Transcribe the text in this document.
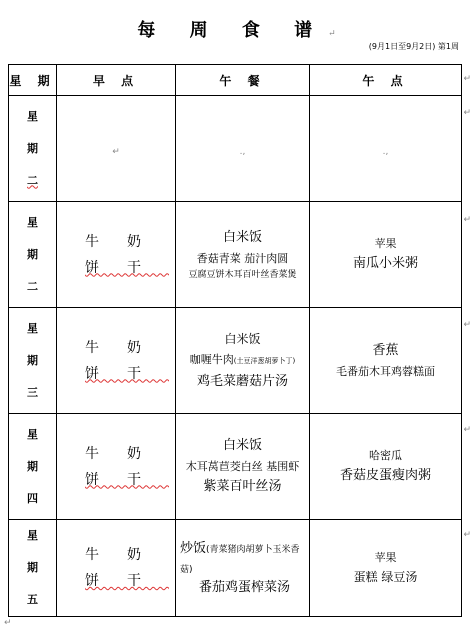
每 周 食 谱 ↵
(9月1日至9月2日) 第1周
↵
↵
↵
↵
↵
↵
星 期	早 点	午 餐	午 点

星
期
二	↵	.,	.,

星
期
二	牛奶
饼干	白米饭
香菇青菜 茄汁肉圆
豆腐豆饼木耳百叶丝香菜煲	苹果
南瓜小米粥

星
期
三	牛奶
饼干	白米饭
咖喱牛肉(土豆洋葱胡萝卜丁)
鸡毛菜蘑菇片汤	香蕉
毛番茄木耳鸡蓉糕面

星
期
四	牛奶
饼干	白米饭
木耳莴苣茭白丝 基围虾
紫菜百叶丝汤	哈密瓜
香菇皮蛋瘦肉粥

星
期
五	牛奶
饼干	炒饭(青菜猪肉胡萝卜玉米香菇)
番茄鸡蛋榨菜汤	苹果
蛋糕 绿豆汤
↵
